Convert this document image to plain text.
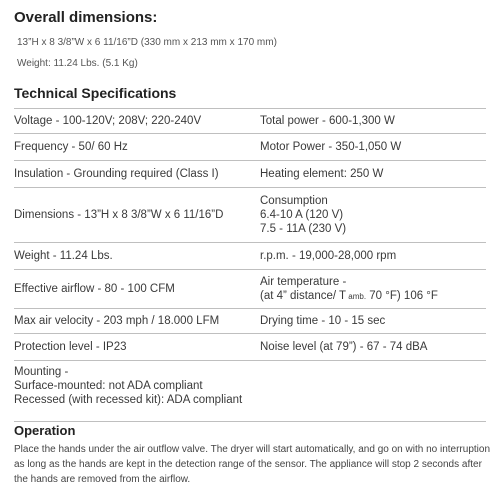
Overall dimensions:
13”H x 8 3/8”W x 6 11/16”D (330 mm x 213 mm x 170 mm)
Weight: 11.24 Lbs. (5.1 Kg)
Technical Specifications
Voltage - 100-120V; 208V; 220-240V	Total power - 600-1,300 W
Frequency - 50/ 60 Hz	Motor Power - 350-1,050 W
Insulation - Grounding required (Class I)	Heating element: 250 W
Dimensions - 13”H x 8 3/8”W x 6 11/16”D	Consumption
6.4-10 A (120 V)
7.5 - 11A (230 V)

Weight - 11.24 Lbs.	r.p.m. - 19,000-28,000 rpm
Effective airflow - 80 - 100 CFM	Air temperature -
(at 4” distance/ T amb. 70 °F) 106 °F

Max air velocity - 203 mph / 18.000 LFM	Drying time - 10 - 15 sec
Protection level - IP23	Noise level (at 79”) - 67 - 74 dBA

Mounting -
Surface-mounted: not ADA compliant
Recessed (with recessed kit): ADA compliant	
Operation

Place the hands under the air outflow valve. The dryer will start automatically, and go on with no interruption as long as the hands are kept in the detection range of the sensor. The appliance will stop 2 seconds after the hands are removed from the airflow.
